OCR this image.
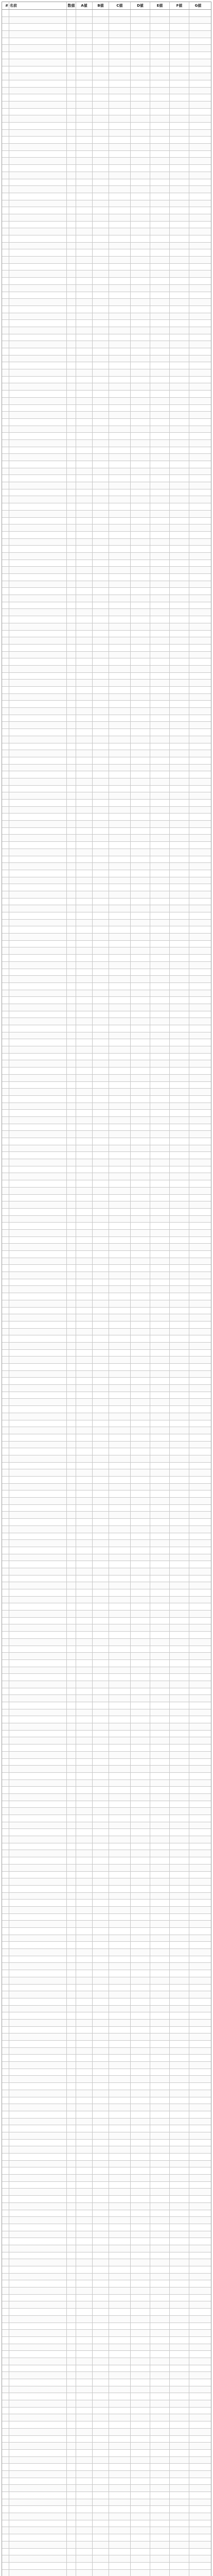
# 名前	数値	A値	B値	C値	D値	E値	F値	G値
